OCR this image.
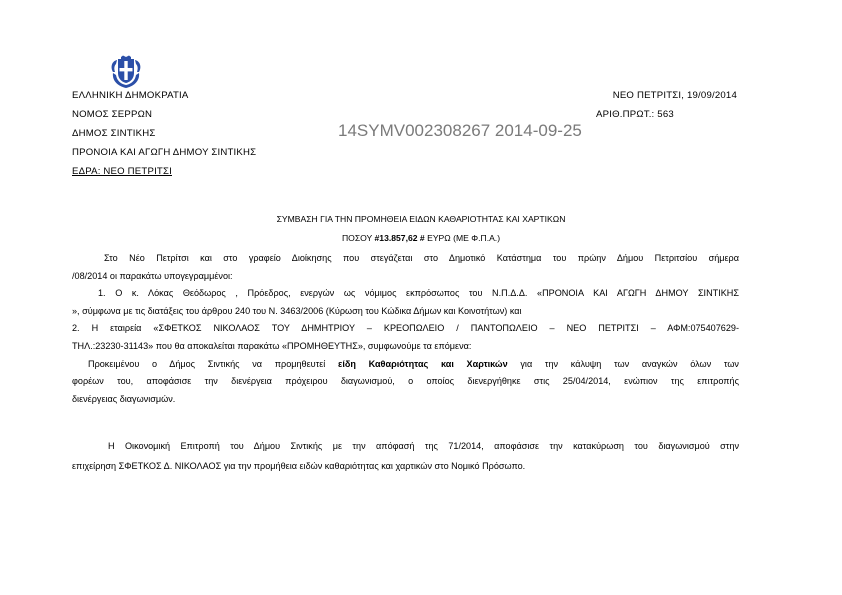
ΕΛΛΗΝΙΚΗ ΔΗΜΟΚΡΑΤΙΑ
ΝΟΜΟΣ ΣΕΡΡΩΝ
ΔΗΜΟΣ ΣΙΝΤΙΚΗΣ
ΠΡΟΝΟΙΑ ΚΑΙ ΑΓΩΓΗ ΔΗΜΟΥ ΣΙΝΤΙΚΗΣ
ΕΔΡΑ: ΝΕΟ ΠΕΤΡΙΤΣΙ
ΝΕΟ ΠΕΤΡΙΤΣΙ, 19/09/2014
ΑΡΙΘ.ΠΡΩΤ.: 563
14SYMV002308267 2014-09-25
ΣΥΜΒΑΣΗ ΓΙΑ ΤΗΝ ΠΡΟΜΗΘΕΙΑ ΕΙΔΩΝ ΚΑΘΑΡΙΟΤΗΤΑΣ ΚΑΙ ΧΑΡΤΙΚΩΝ
ΠΟΣΟΥ #13.857,62 # ΕΥΡΩ (ΜΕ Φ.Π.Α.)
Στο Νέο Πετρίτσι και στο γραφείο Διοίκησης που στεγάζεται στο Δημοτικό Κατάστημα του πρώην Δήμου Πετριτσίου σήμερα
/08/2014 οι παρακάτω υπογεγραμμένοι:
1. Ο κ. Λόκας Θεόδωρος , Πρόεδρος, ενεργών ως νόμιμος εκπρόσωπος του Ν.Π.Δ.Δ. «ΠΡΟΝΟΙΑ ΚΑΙ ΑΓΩΓΗ ΔΗΜΟΥ ΣΙΝΤΙΚΗΣ
», σύμφωνα με τις διατάξεις του άρθρου 240 του Ν. 3463/2006 (Κύρωση του Κώδικα Δήμων και Κοινοτήτων) και
2. Η εταιρεία «ΣΦΕΤΚΟΣ ΝΙΚΟΛΑΟΣ ΤΟΥ ΔΗΜΗΤΡΙΟΥ – ΚΡΕΟΠΩΛΕΙΟ / ΠΑΝΤΟΠΩΛΕΙΟ – ΝΕΟ ΠΕΤΡΙΤΣΙ – ΑΦΜ:075407629-
ΤΗΛ.:23230-31143» που θα αποκαλείται παρακάτω «ΠΡΟΜΗΘΕΥΤΗΣ», συμφωνούμε τα επόμενα:
Προκειμένου ο Δήμος Σιντικής να προμηθευτεί είδη Καθαριότητας και Χαρτικών για την κάλυψη των αναγκών όλων των
φορέων του, αποφάσισε την διενέργεια πρόχειρου διαγωνισμού, ο οποίος διενεργήθηκε στις 25/04/2014, ενώπιον της επιτροπής
διενέργειας διαγωνισμών.
Η Οικονομική Επιτροπή του Δήμου Σιντικής με την απόφασή της 71/2014, αποφάσισε την κατακύρωση του διαγωνισμού στην
επιχείρηση ΣΦΕΤΚΟΣ Δ. ΝΙΚΟΛΑΟΣ για την προμήθεια ειδών καθαριότητας και χαρτικών στο Νομικό Πρόσωπο.
